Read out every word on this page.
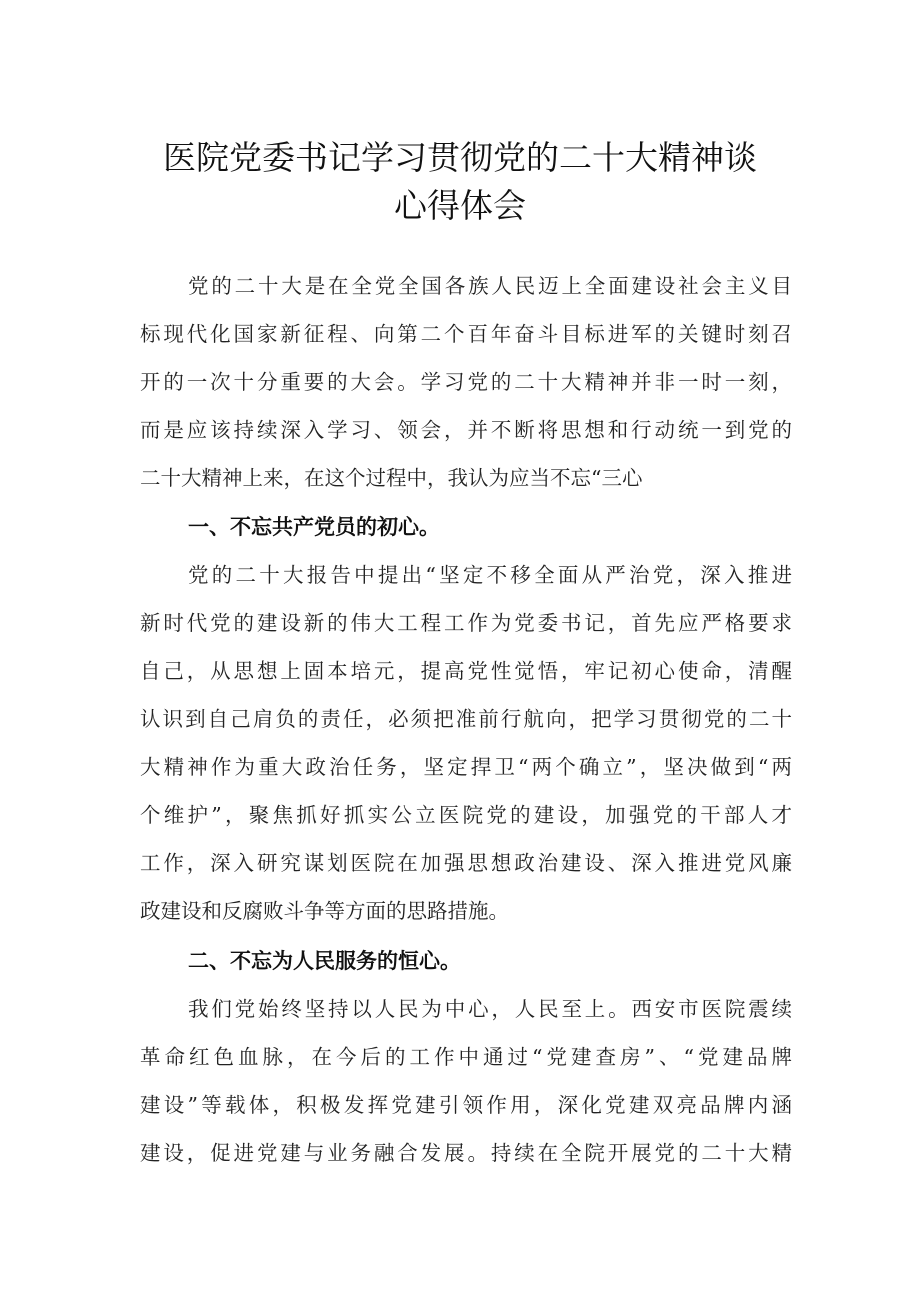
医院党委书记学习贯彻党的二十大精神谈
心得体会
党的二十大是在全党全国各族人民迈上全面建设社会主义目
标现代化国家新征程、向第二个百年奋斗目标进军的关键时刻召
开的一次十分重要的大会。学习党的二十大精神并非一时一刻，
而是应该持续深入学习、领会，并不断将思想和行动统一到党的
二十大精神上来，在这个过程中，我认为应当不忘“三心
一、不忘共产党员的初心。
党的二十大报告中提出“坚定不移全面从严治党，深入推进
新时代党的建设新的伟大工程工作为党委书记，首先应严格要求
自己，从思想上固本培元，提高党性觉悟，牢记初心使命，清醒
认识到自己肩负的责任，必须把准前行航向，把学习贯彻党的二十
大精神作为重大政治任务，坚定捍卫“两个确立”，坚决做到“两
个维护”，聚焦抓好抓实公立医院党的建设，加强党的干部人才
工作，深入研究谋划医院在加强思想政治建设、深入推进党风廉
政建设和反腐败斗争等方面的思路措施。
二、不忘为人民服务的恒心。
我们党始终坚持以人民为中心，人民至上。西安市医院震续
革命红色血脉，在今后的工作中通过“党建查房”、“党建品牌
建设”等载体，积极发挥党建引领作用，深化党建双亮品牌内涵
建设，促进党建与业务融合发展。持续在全院开展党的二十大精
